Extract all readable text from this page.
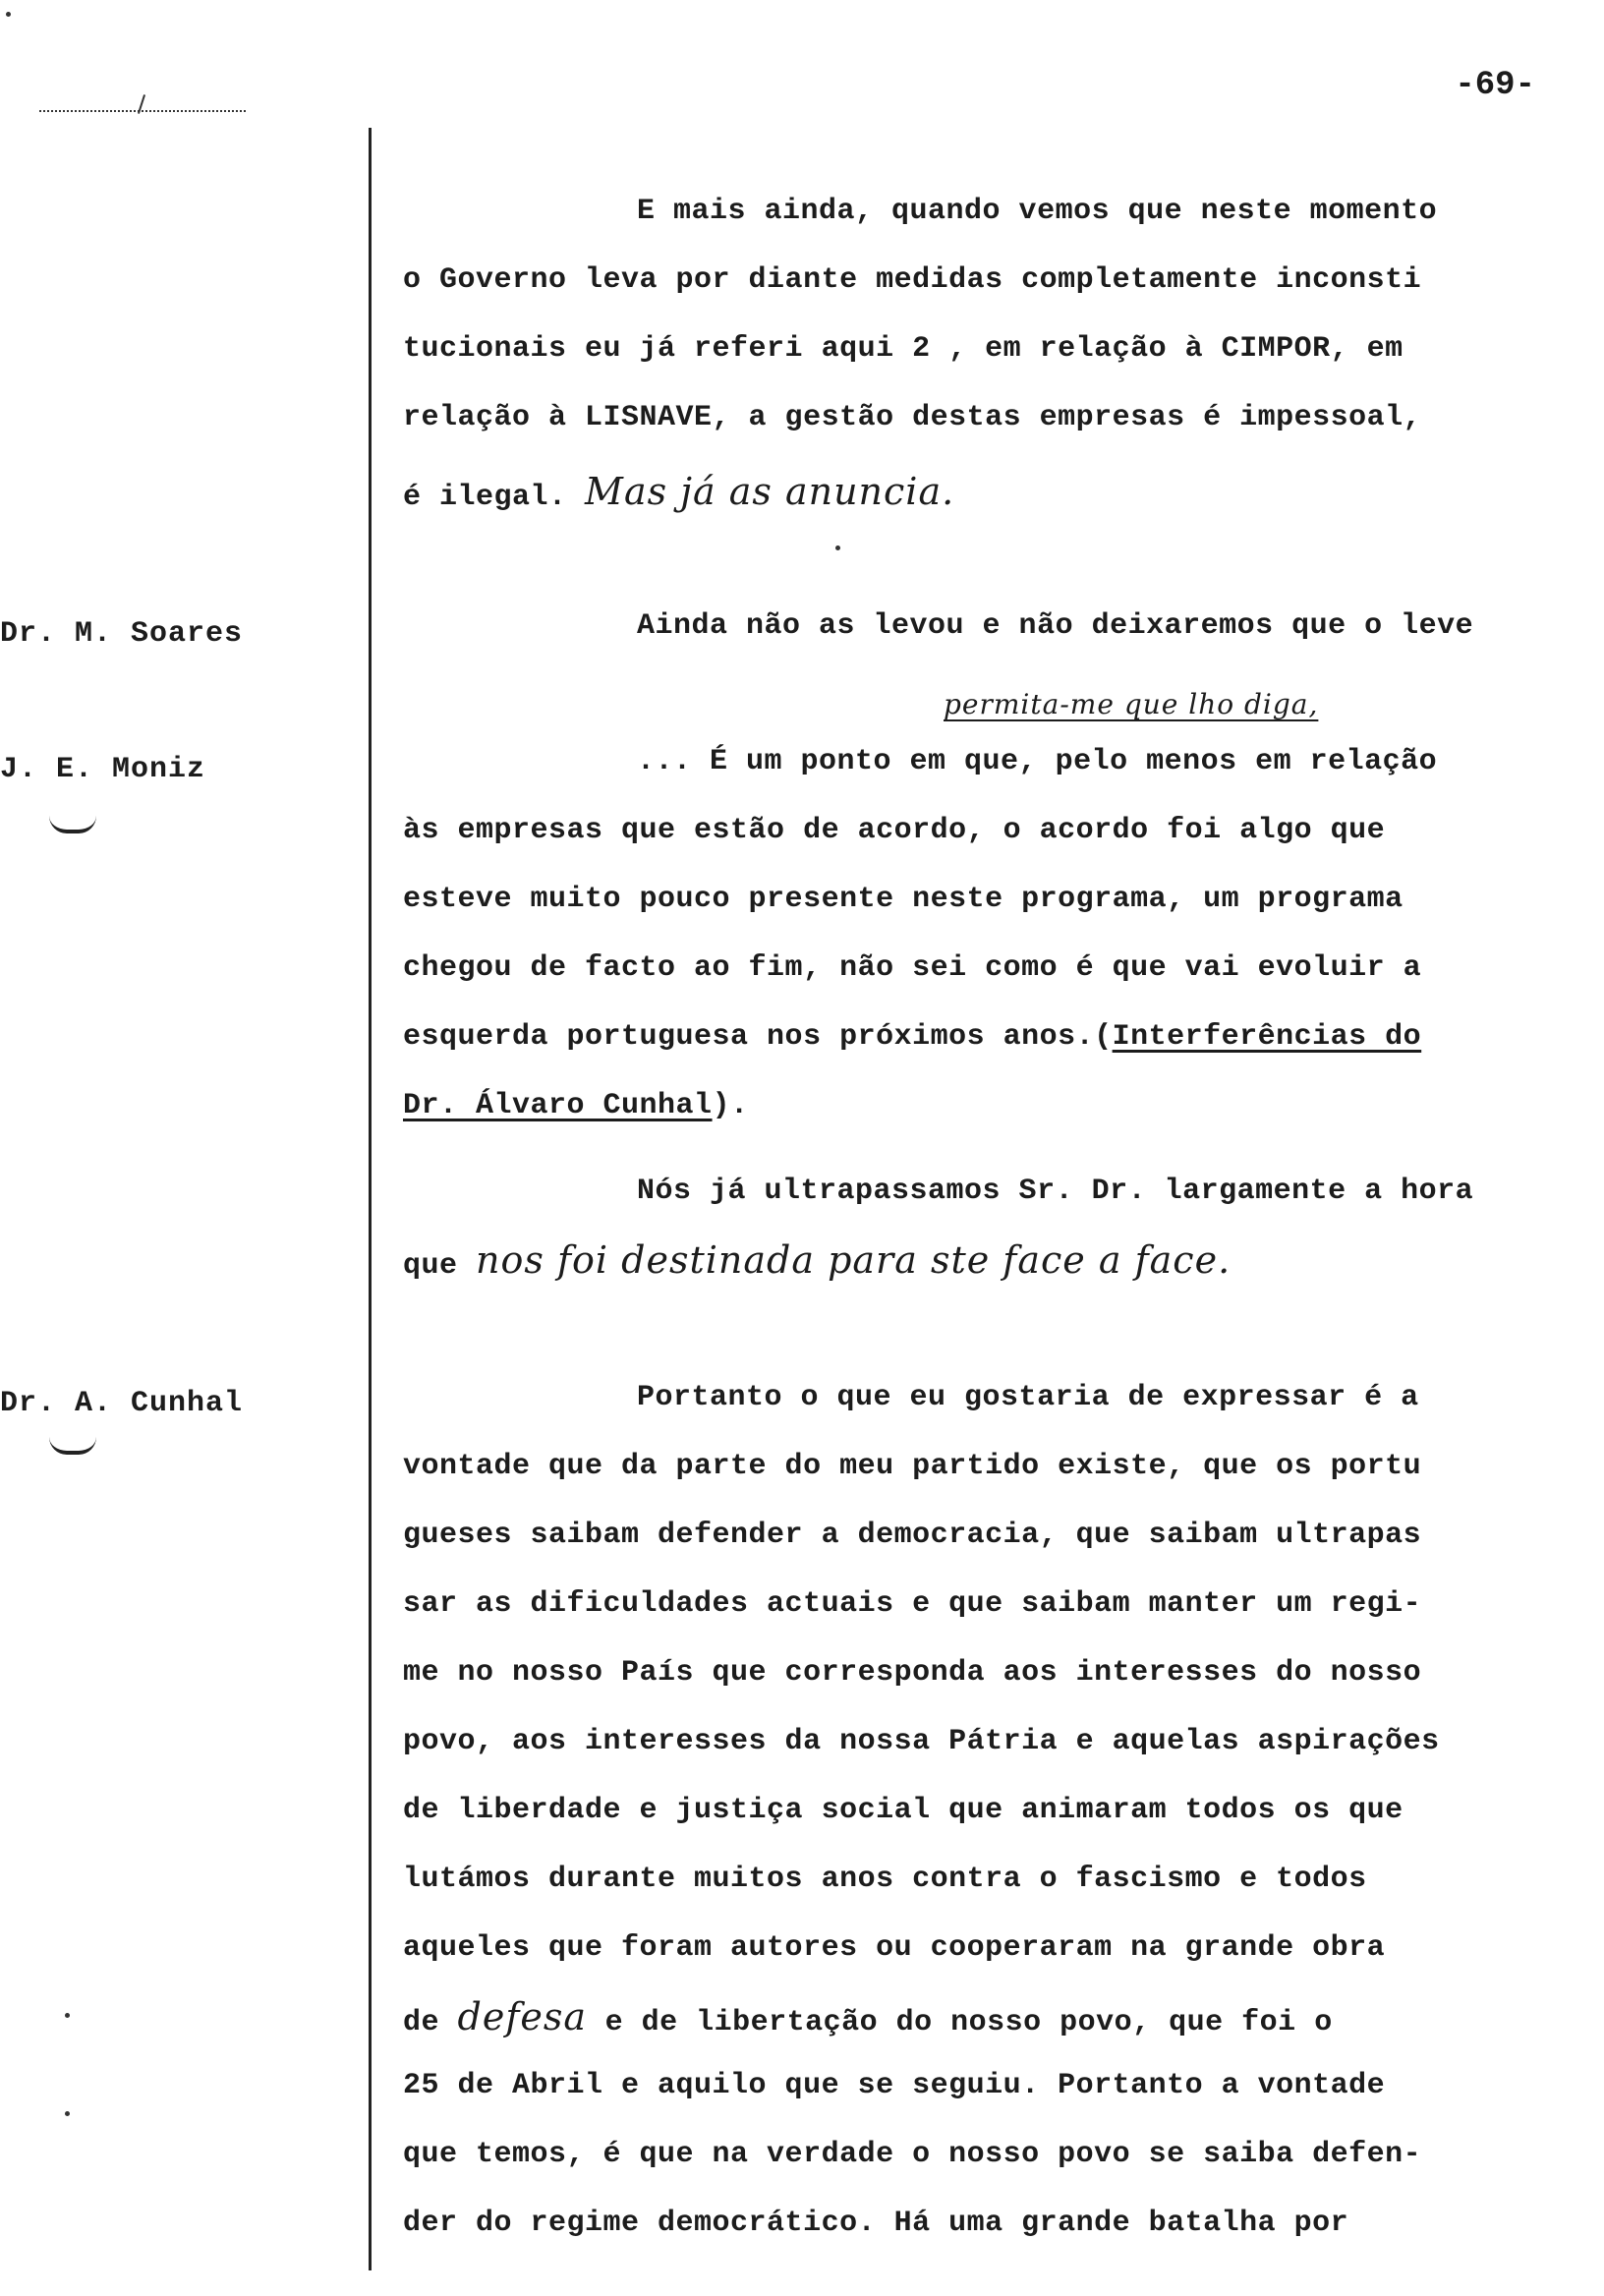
-69-
Dr. M. Soares
J. E. Moniz
Dr. A. Cunhal
E mais ainda, quando vemos que neste momento
o Governo leva por diante medidas completamente inconsti
tucionais eu já referi aqui 2 , em relação à CIMPOR, em
relação à LISNAVE, a gestão destas empresas é impessoal,
é ilegal. Mas já as anuncia.
Ainda não as levou e não deixaremos que o leve
permita-me que lho diga,
... É um ponto em que, pelo menos em relação
às empresas que estão de acordo, o acordo foi algo que
esteve muito pouco presente neste programa, um programa
chegou de facto ao fim, não sei como é que vai evoluir a
esquerda portuguesa nos próximos anos.(Interferências do
Dr. Álvaro Cunhal).
Nós já ultrapassamos Sr. Dr. largamente a hora
que nos foi destinada para ste face a face.
Portanto o que eu gostaria de expressar é a
vontade que da parte do meu partido existe, que os portu
gueses saibam defender a democracia, que saibam ultrapas
sar as dificuldades actuais e que saibam manter um regi-
me no nosso País que corresponda aos interesses do nosso
povo, aos interesses da nossa Pátria e aquelas aspirações
de liberdade e justiça social que animaram todos os que
lutámos durante muitos anos contra o fascismo e todos
aqueles que foram autores ou cooperaram na grande obra
de defesa e de libertação do nosso povo, que foi o
25 de Abril e aquilo que se seguiu. Portanto a vontade
que temos, é que na verdade o nosso povo se saiba defen-
der do regime democrático. Há uma grande batalha por
